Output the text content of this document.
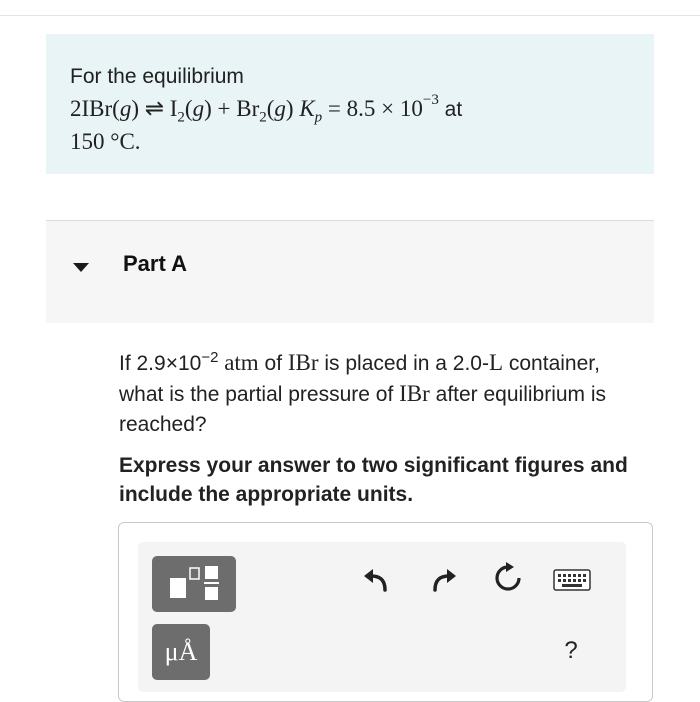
For the equilibrium
2IBr(g) ⇌ $I_2(g) + Br_2(g) K_p = 8.5 \times 10^{-3}$ at
150 °C.
Part A
If $2.9\times 10^{-2}$ atm of IBr is placed in a 2.0-L container, what is the partial pressure of IBr after equilibrium is reached?
Express your answer to two significant figures and include the appropriate units.
μÅ	?
